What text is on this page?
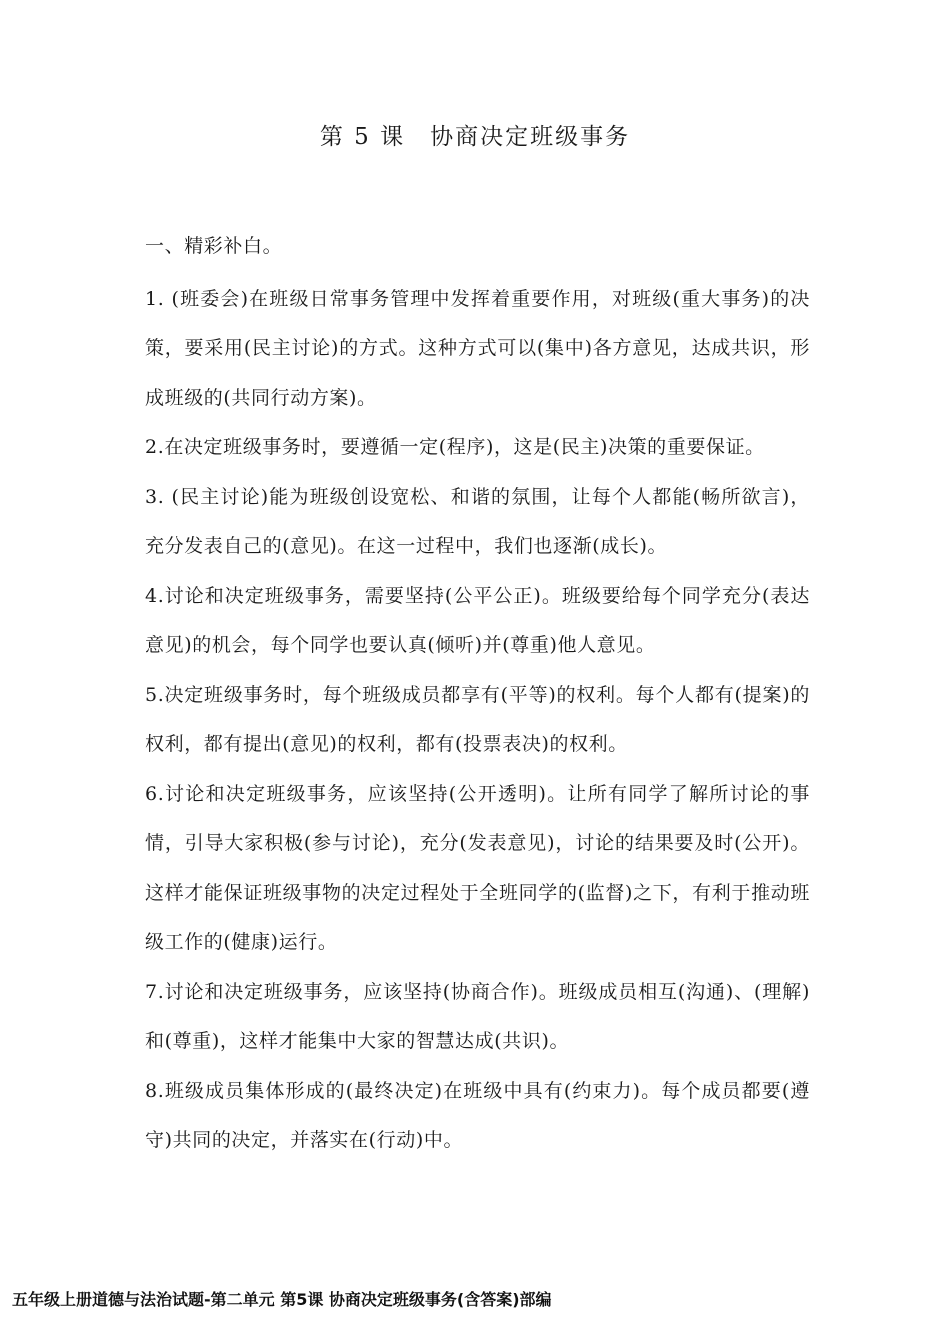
第 5 课　协商决定班级事务

一、精彩补白。

1. (班委会)在班级日常事务管理中发挥着重要作用，对班级(重大事务)的决策，要采用(民主讨论)的方式。这种方式可以(集中)各方意见，达成共识，形成班级的(共同行动方案)。

2.在决定班级事务时，要遵循一定(程序)，这是(民主)决策的重要保证。

3. (民主讨论)能为班级创设宽松、和谐的氛围，让每个人都能(畅所欲言)，充分发表自己的(意见)。在这一过程中，我们也逐渐(成长)。

4.讨论和决定班级事务，需要坚持(公平公正)。班级要给每个同学充分(表达意见)的机会，每个同学也要认真(倾听)并(尊重)他人意见。

5.决定班级事务时，每个班级成员都享有(平等)的权利。每个人都有(提案)的权利，都有提出(意见)的权利，都有(投票表决)的权利。

6.讨论和决定班级事务，应该坚持(公开透明)。让所有同学了解所讨论的事情，引导大家积极(参与讨论)，充分(发表意见)，讨论的结果要及时(公开)。这样才能保证班级事物的决定过程处于全班同学的(监督)之下，有利于推动班级工作的(健康)运行。

7.讨论和决定班级事务，应该坚持(协商合作)。班级成员相互(沟通)、(理解)和(尊重)，这样才能集中大家的智慧达成(共识)。

8.班级成员集体形成的(最终决定)在班级中具有(约束力)。每个成员都要(遵守)共同的决定，并落实在(行动)中。

五年级上册道德与法治试题-第二单元 第5课 协商决定班级事务(含答案)部编
